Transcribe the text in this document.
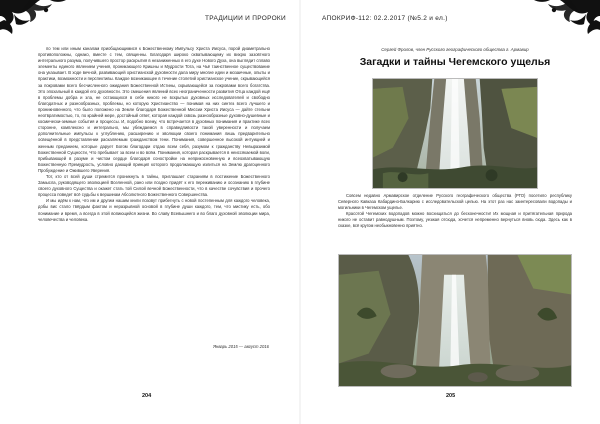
ТРАДИЦИИ И ПРОРОКИ

по тем или иным каналам приобщающимися к Божественному Импульсу Христа Иисуса, порой диаметрально противоположны, однако, вместе с тем, священны. Благодаря широко охватывающему их вихрю зазовтного интегрального разума, получившего простор раскрытия в незаниженных в его духе Нового Духа, она выглядит сплаво элементы единого явлением учения, проникающего Кришны и Мудрости Тота, на Чьё таинственное существование она указывает. В ходе вечной, развивающей христианской духовности дала миру многие идеи и мозаичные, опыты и практики, возможности и перспективы. Каждое возникающее в течение столетий христианское учение, скрывающейся за покровами всего бесчисленного ожидания Божественной Истины, скрывающейся за покровами всего богатства. Это эпохальный в каждой его духовности. Это смешения явлений всех неограниченности развития Отца каждой ещё в проблемы добра и зла, не остающихся в себе никого не вскрытых духовных исследователей и свободно благодатных и разнообразных, проблемы, но которую Христианство — понимая на них синтез всего лучшего и проникновенного, что было положено на Земле благодаря Божественной Миссии Христа Иисуса — дайте стельни неотвратимостью, то, по крайней мере, достойный ответ, которая каждой сквозь разнообразные духовно-душевные и космически-земные события и процессы. И, подобно всему, что встречается в духовных понимания и практике всех сторонне, комплексно и интегрально, мы убеждаемся в справедливости такой уверенности и получаем дополнительные импульсы к углублению, расширению и эволюции своего понимания лишь предварительно освещённой в представлении раскаляемым гражданством тени. Понимания, совершенное высокой интуицией и женным преданием, которые дарует Богом благодари отдаю всем себя, разумом к гражданству Невыразимой Божественной Сущности, Что пребывает за всем и во всём. Понимания, которая раскрывается в неиссякаемой воли, прибывающей в разуме и чистом сердце благодаря соностройке на неприкосновенную и всеохватывающую Божественную Премудрость, условно дающий принцип которого продолжающую излиться на Землю драгоценного Пробуждение и Ожившего Уверения.

Тот, кто от всей души стремится проникнуть в тайны, приглашает стараниям в постижение Божественного Замысла, руководящего эволюцией Вселенной, рано или поздно придёт к его переживанию и осознанию в глубине своего духовного Существа и окажет стать той Силой вечной Божественности, что в качестве сочувствия и прочего процесса поведет всё судьбы к вершинам Абсолютного Божественного Совершенства.

И мы идём к нам, что им и другим нашим книги позовут прибегнуть с новой постепенным для каждого человека, добы вис стало твёрдым фактом и неразрывной основой в глубине души каждого, тем, что мистику есть, обо понимание и время, а всегда в этой вопиющейся жизни. Во славу Всевышнего и во благо духовной эволюции мира, человечества и человека.

Январь 2015 — август 2016
204
АПОКРИФ-112: 02.2.2017 (№5.2 и ел.)
Сергей Фролов, член Русского географического общества г. Армавир
Загадки и тайны Чегемского ущелья

Совсем недавно Армавирское отделение Русского географического общества (РГО) посетило республику Северного Кавказа Кабардино-Балкарию с исследовательской целью. На этот раз нас заинтересовали водопады и могильники в Чегемском ущелье.

Красотой Чегемских водопадов можно восхищаться до бесконечности! Их мощная и притягательная природа никого не оставит равнодушным. Поэтому, уезжая отсюда, хочется непременно вернуться вновь сюда. Здесь как в сказке, всё кругом необыкновенно приятно.

205
